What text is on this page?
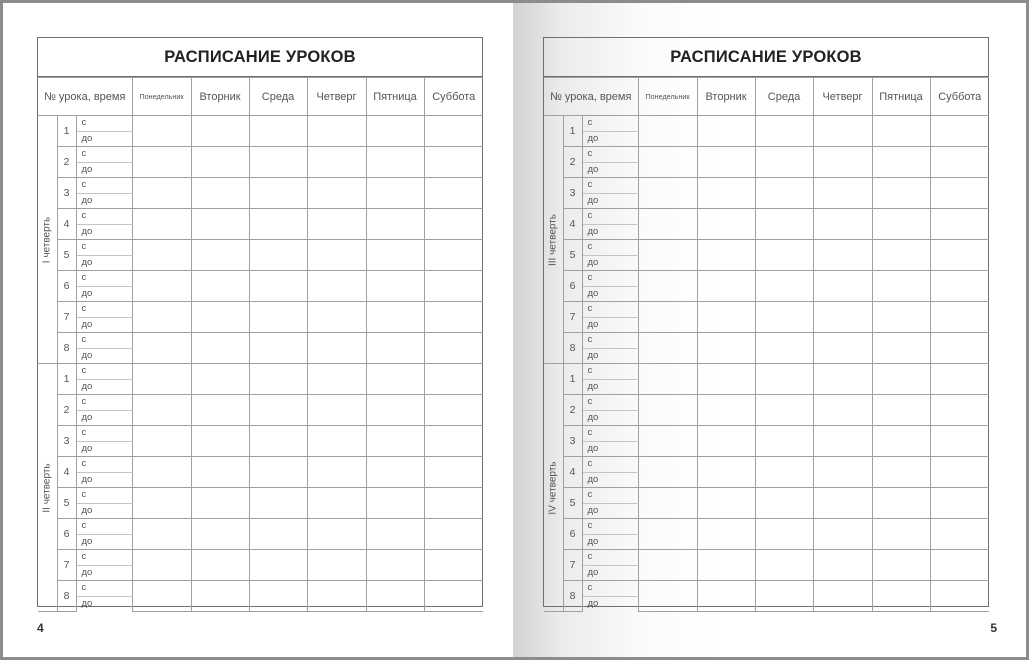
РАСПИСАНИЕ УРОКОВ
№ урока, время			Понедельник	Вторник	Среда	Четверг	Пятница	Суббота

I четверть	1	с						
		до						
	2	с						
		до						
	3	с						
		до						
	4	с						
		до						
	5	с						
		до						
	6	с						
		до						
	7	с						
		до						
	8	с						
		до						

II четверть	1	с						
		до						
	2	с						
		до						
	3	с						
		до						
	4	с						
		до						
	5	с						
		до						
	6	с						
		до						
	7	с						
		до						
	8	с						
		до						
4
РАСПИСАНИЕ УРОКОВ
№ урока, время			Понедельник	Вторник	Среда	Четверг	Пятница	Суббота

III четверть	1	с						
		до						
	2	с						
		до						
	3	с						
		до						
	4	с						
		до						
	5	с						
		до						
	6	с						
		до						
	7	с						
		до						
	8	с						
		до						

IV четверть	1	с						
		до						
	2	с						
		до						
	3	с						
		до						
	4	с						
		до						
	5	с						
		до						
	6	с						
		до						
	7	с						
		до						
	8	с						
		до						
5
